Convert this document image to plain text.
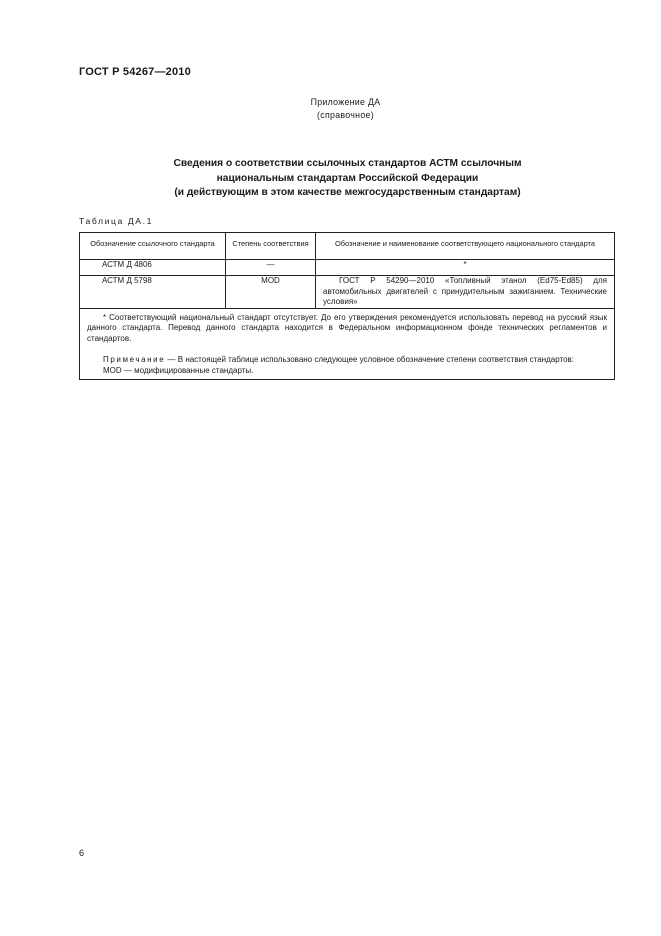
ГОСТ Р 54267—2010
Приложение ДА
(справочное)
Сведения о соответствии ссылочных стандартов АСТМ ссылочным
национальным стандартам Российской Федерации
(и действующим в этом качестве межгосударственным стандартам)
Таблица ДА.1
Обозначение ссылочного стандарта	Степень соответствия	Обозначение и наименование соответствующего национального стандарта
АСТМ Д 4806	—	*
АСТМ Д 5798	MOD	ГОСТ Р 54290—2010 «Топливный этанол (Ed75-Ed85) для автомобильных двигателей с принудительным зажиганием. Технические условия»

* Соответствующий национальный стандарт отсутствует. До его утверждения рекомендуется использовать перевод на русский язык данного стандарта. Перевод данного стандарта находится в Федеральном информационном фонде технических регламентов и стандартов.

Примечание — В настоящей таблице использовано следующее условное обозначение степени соответствия стандартов:

MOD — модифицированные стандарты.		

6
